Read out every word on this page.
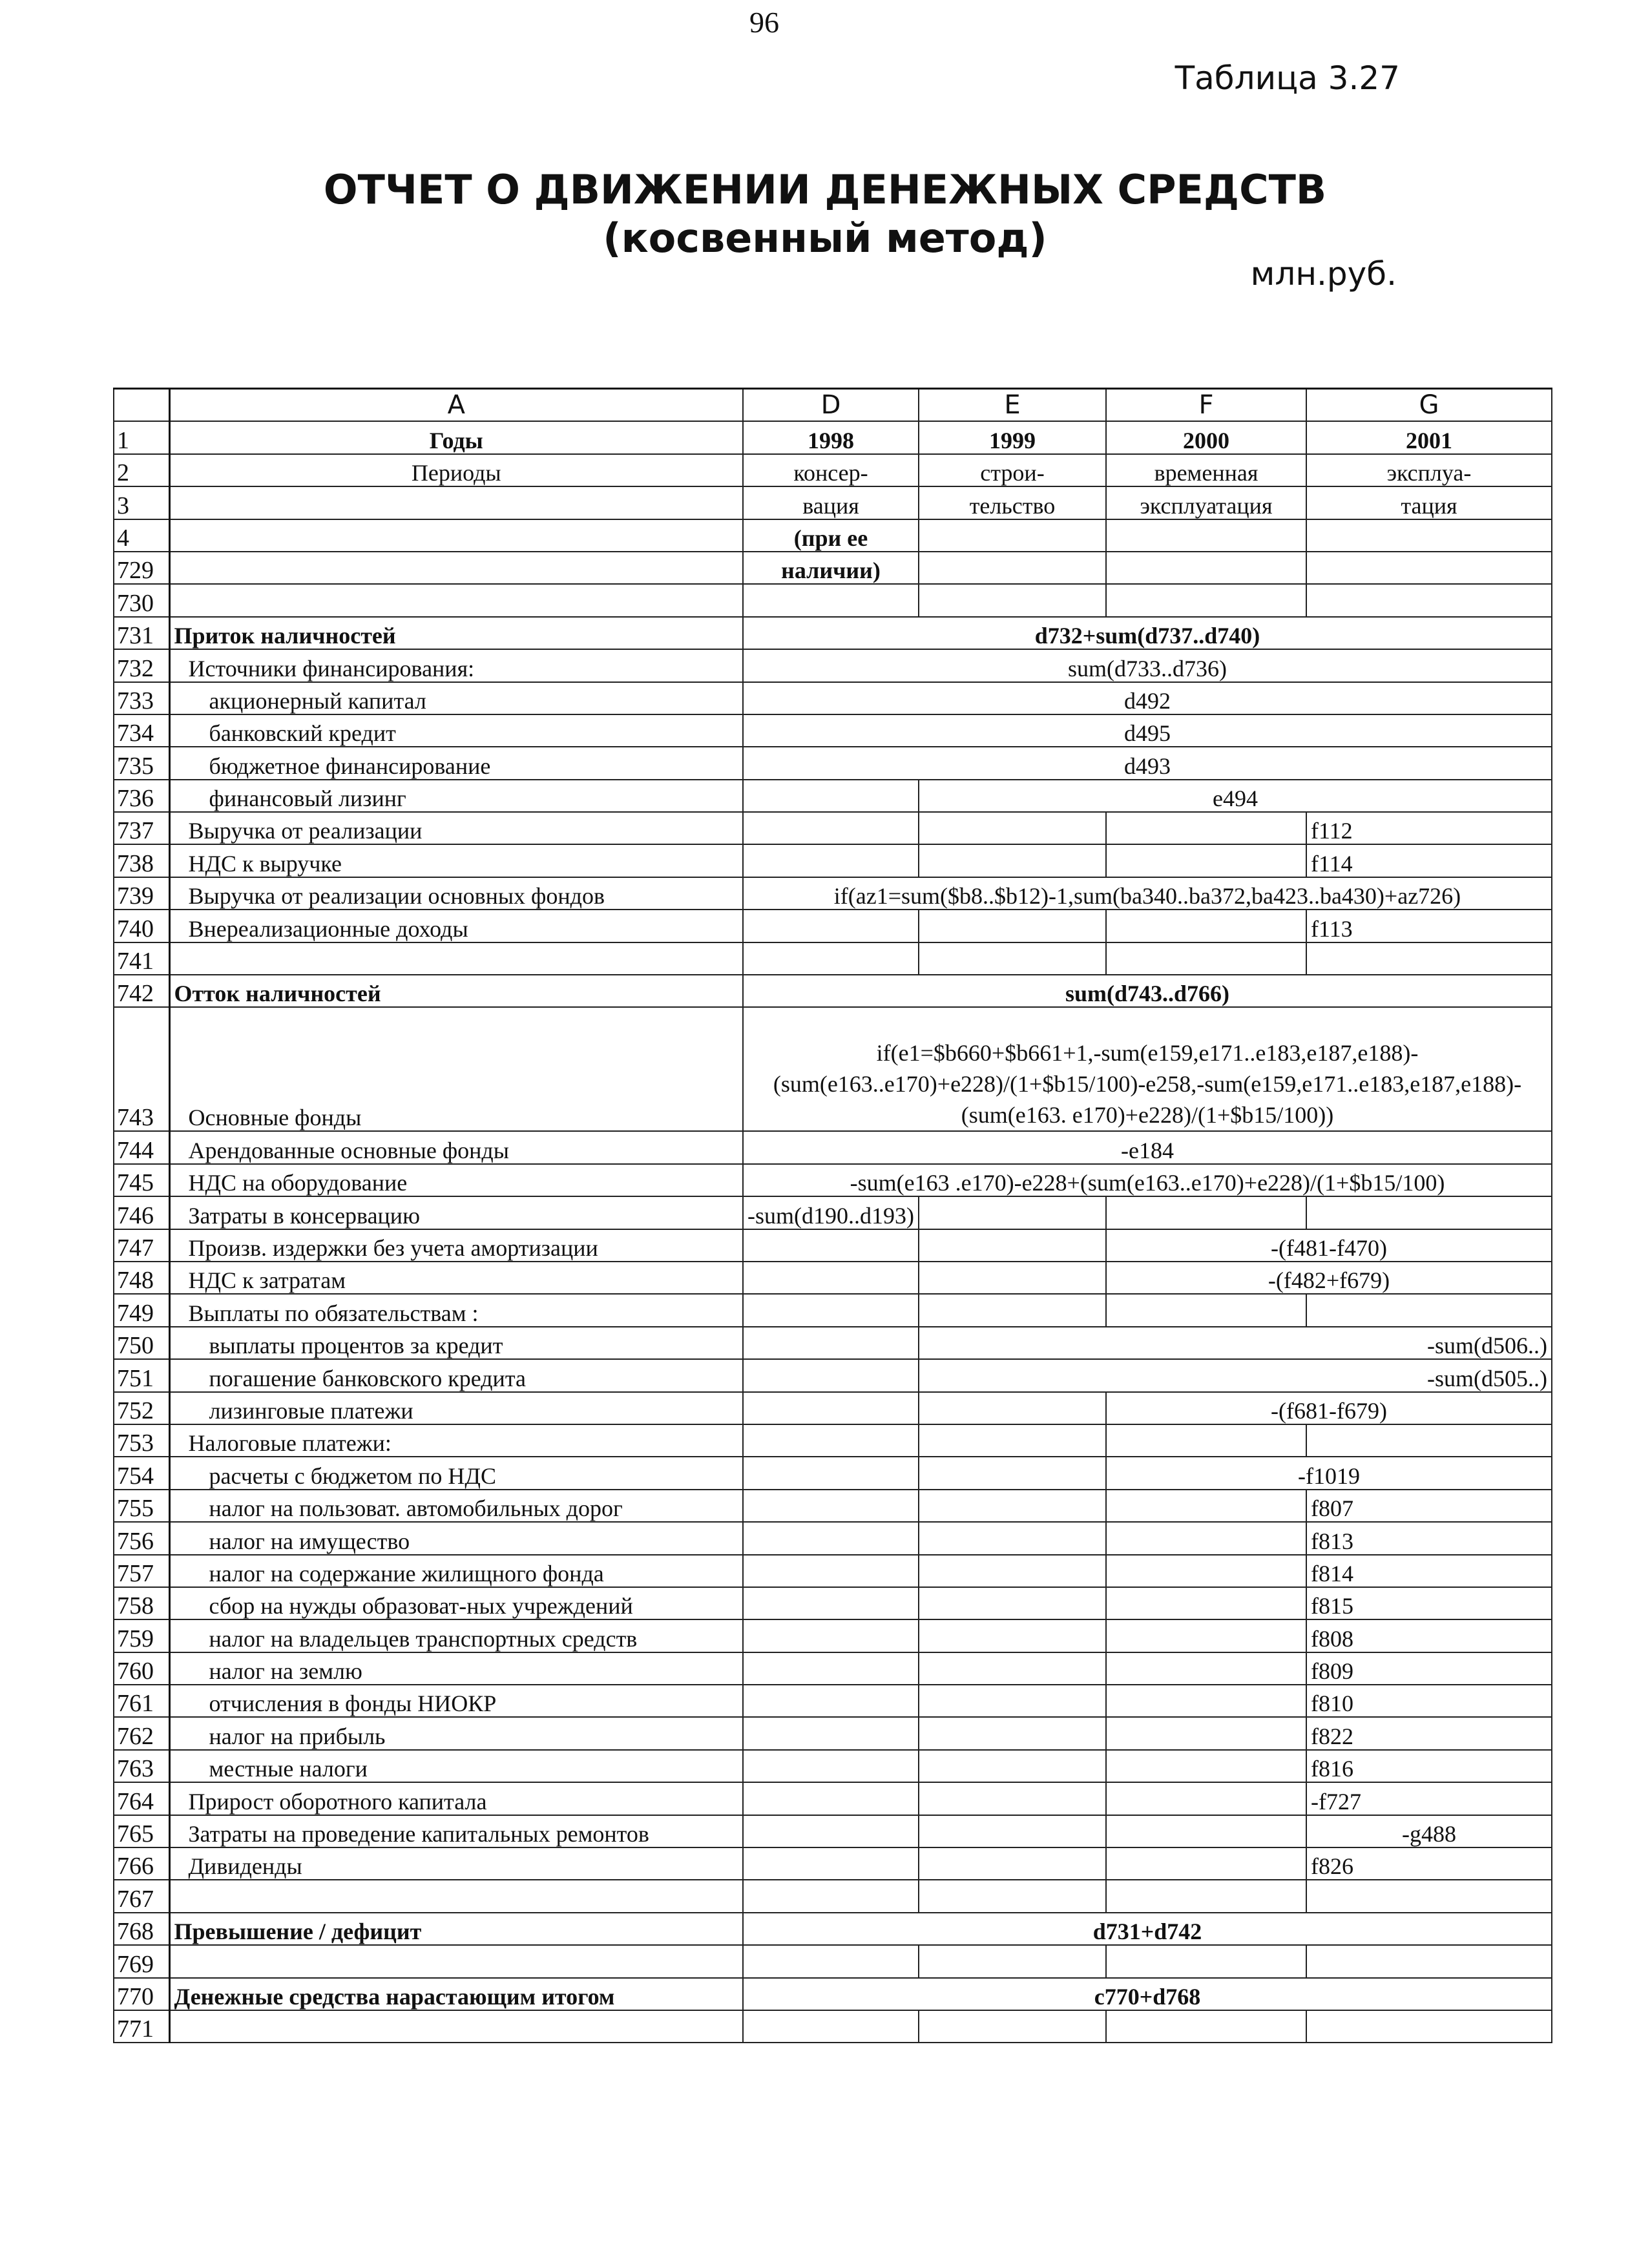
96
Таблица 3.27
ОТЧЕТ О ДВИЖЕНИИ ДЕНЕЖНЫХ СРЕДСТВ
(косвенный метод)
млн.руб.
	A	D	E	F	G
1	Годы	1998	1999	2000	2001
2	Периоды	консер-	строи-	временная	эксплуа-
3		вация	тельство	эксплуатация	тация
4		(при ее			
729		наличии)			
730					
731	Приток наличностей	d732+sum(d737..d740)			
732	Источники финансирования:	sum(d733..d736)			
733	акционерный капитал	d492			
734	банковский кредит	d495			
735	бюджетное финансирование	d493			
736	финансовый лизинг		e494		
737	Выручка от реализации				f112
738	НДС к выручке				f114
739	Выручка от реализации основных фондов	if(az1=sum($b8..$b12)-1,sum(ba340..ba372,ba423..ba430)+az726)			
740	Внереализационные доходы				f113
741					
742	Отток наличностей	sum(d743..d766)			
743	Основные фонды	if(e1=$b660+$b661+1,-sum(e159,e171..e183,e187,e188)-(sum(e163..e170)+e228)/(1+$b15/100)-e258,-sum(e159,e171..e183,e187,e188)-(sum(e163. e170)+e228)/(1+$b15/100))			
744	Арендованные основные фонды	-e184			
745	НДС на оборудование	-sum(e163 .e170)-e228+(sum(e163..e170)+e228)/(1+$b15/100)			
746	Затраты в консервацию	-sum(d190..d193)			
747	Произв. издержки без учета амортизации			-(f481-f470)	
748	НДС к затратам			-(f482+f679)	
749	Выплаты по обязательствам :				
750	выплаты процентов за кредит		-sum(d506..)		
751	погашение банковского кредита		-sum(d505..)		
752	лизинговые платежи			-(f681-f679)	
753	Налоговые платежи:				
754	расчеты с бюджетом по НДС			-f1019	
755	налог на пользоват. автомобильных дорог				f807
756	налог на имущество				f813
757	налог на содержание жилищного фонда				f814
758	сбор на нужды образоват-ных учреждений				f815
759	налог на владельцев транспортных средств				f808
760	налог на землю				f809
761	отчисления в фонды НИОКР				f810
762	налог на прибыль				f822
763	местные налоги				f816
764	Прирост оборотного капитала				-f727
765	Затраты на проведение капитальных ремонтов				-g488
766	Дивиденды				f826
767					
768	Превышение / дефицит	d731+d742			
769					
770	Денежные средства нарастающим итогом	c770+d768			
771					
